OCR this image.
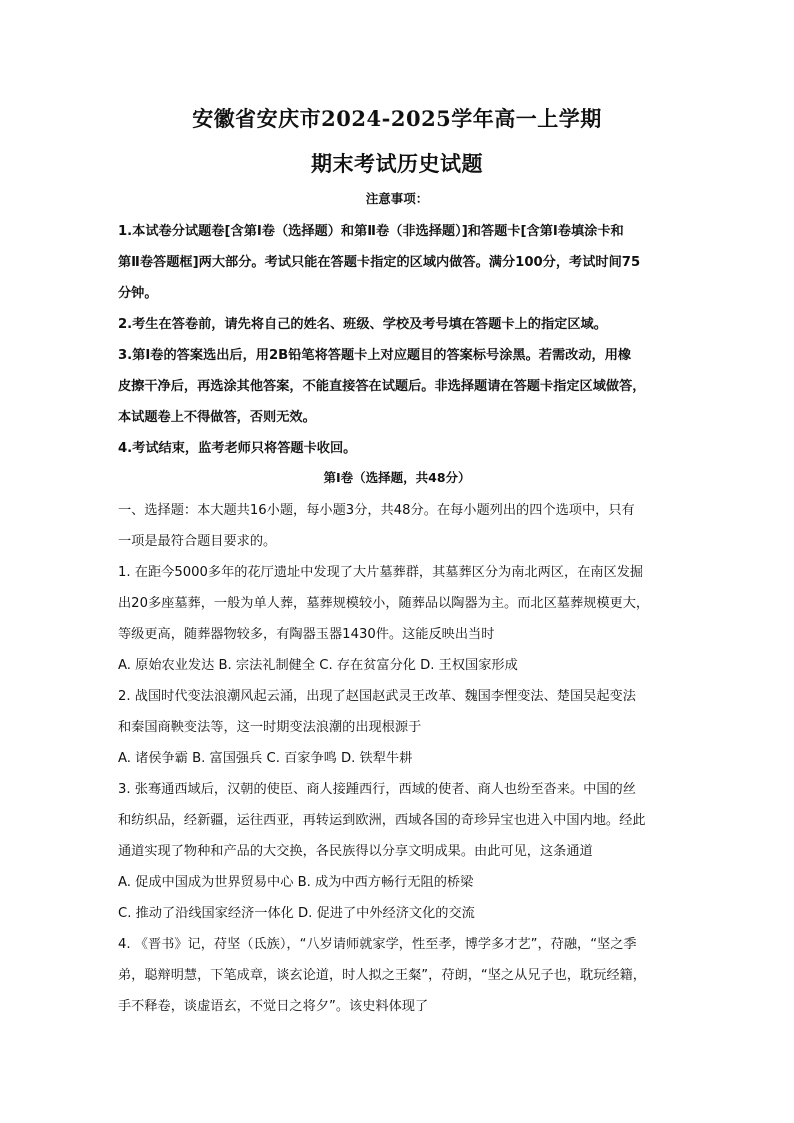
安徽省安庆市2024-2025学年高一上学期
期末考试历史试题
注意事项：
1.本试卷分试题卷[含第Ⅰ卷（选择题）和第Ⅱ卷（非选择题）]和答题卡[含第Ⅰ卷填涂卡和
第Ⅱ卷答题框]两大部分。考试只能在答题卡指定的区域内做答。满分100分，考试时间75
分钟。
2.考生在答卷前，请先将自己的姓名、班级、学校及考号填在答题卡上的指定区域。
3.第Ⅰ卷的答案选出后，用2B铅笔将答题卡上对应题目的答案标号涂黑。若需改动，用橡
皮擦干净后，再选涂其他答案，不能直接答在试题后。非选择题请在答题卡指定区域做答，
本试题卷上不得做答，否则无效。
4.考试结束，监考老师只将答题卡收回。
第Ⅰ卷（选择题，共48分）
一、选择题：本大题共16小题，每小题3分，共48分。在每小题列出的四个选项中，只有
一项是最符合题目要求的。
1. 在距今5000多年的花厅遗址中发现了大片墓葬群，其墓葬区分为南北两区，在南区发掘
出20多座墓葬，一般为单人葬，墓葬规模较小，随葬品以陶器为主。而北区墓葬规模更大，
等级更高，随葬器物较多，有陶器玉器1430件。这能反映出当时
A. 原始农业发达 B. 宗法礼制健全 C. 存在贫富分化 D. 王权国家形成
2. 战国时代变法浪潮风起云涌，出现了赵国赵武灵王改革、魏国李悝变法、楚国吴起变法
和秦国商鞅变法等，这一时期变法浪潮的出现根源于
A. 诸侯争霸 B. 富国强兵 C. 百家争鸣 D. 铁犁牛耕
3. 张骞通西域后，汉朝的使臣、商人接踵西行，西域的使者、商人也纷至沓来。中国的丝
和纺织品，经新疆，运往西亚，再转运到欧洲，西域各国的奇珍异宝也进入中国内地。经此
通道实现了物种和产品的大交换，各民族得以分享文明成果。由此可见，这条通道
A. 促成中国成为世界贸易中心 B. 成为中西方畅行无阻的桥梁
C. 推动了沿线国家经济一体化 D. 促进了中外经济文化的交流
4. 《晋书》记，苻坚（氐族），“八岁请师就家学，性至孝，博学多才艺”，苻融，“坚之季
弟，聪辩明慧，下笔成章，谈玄论道，时人拟之王粲”，苻朗，“坚之从兄子也，耽玩经籍，
手不释卷，谈虚语玄，不觉日之将夕”。该史料体现了
